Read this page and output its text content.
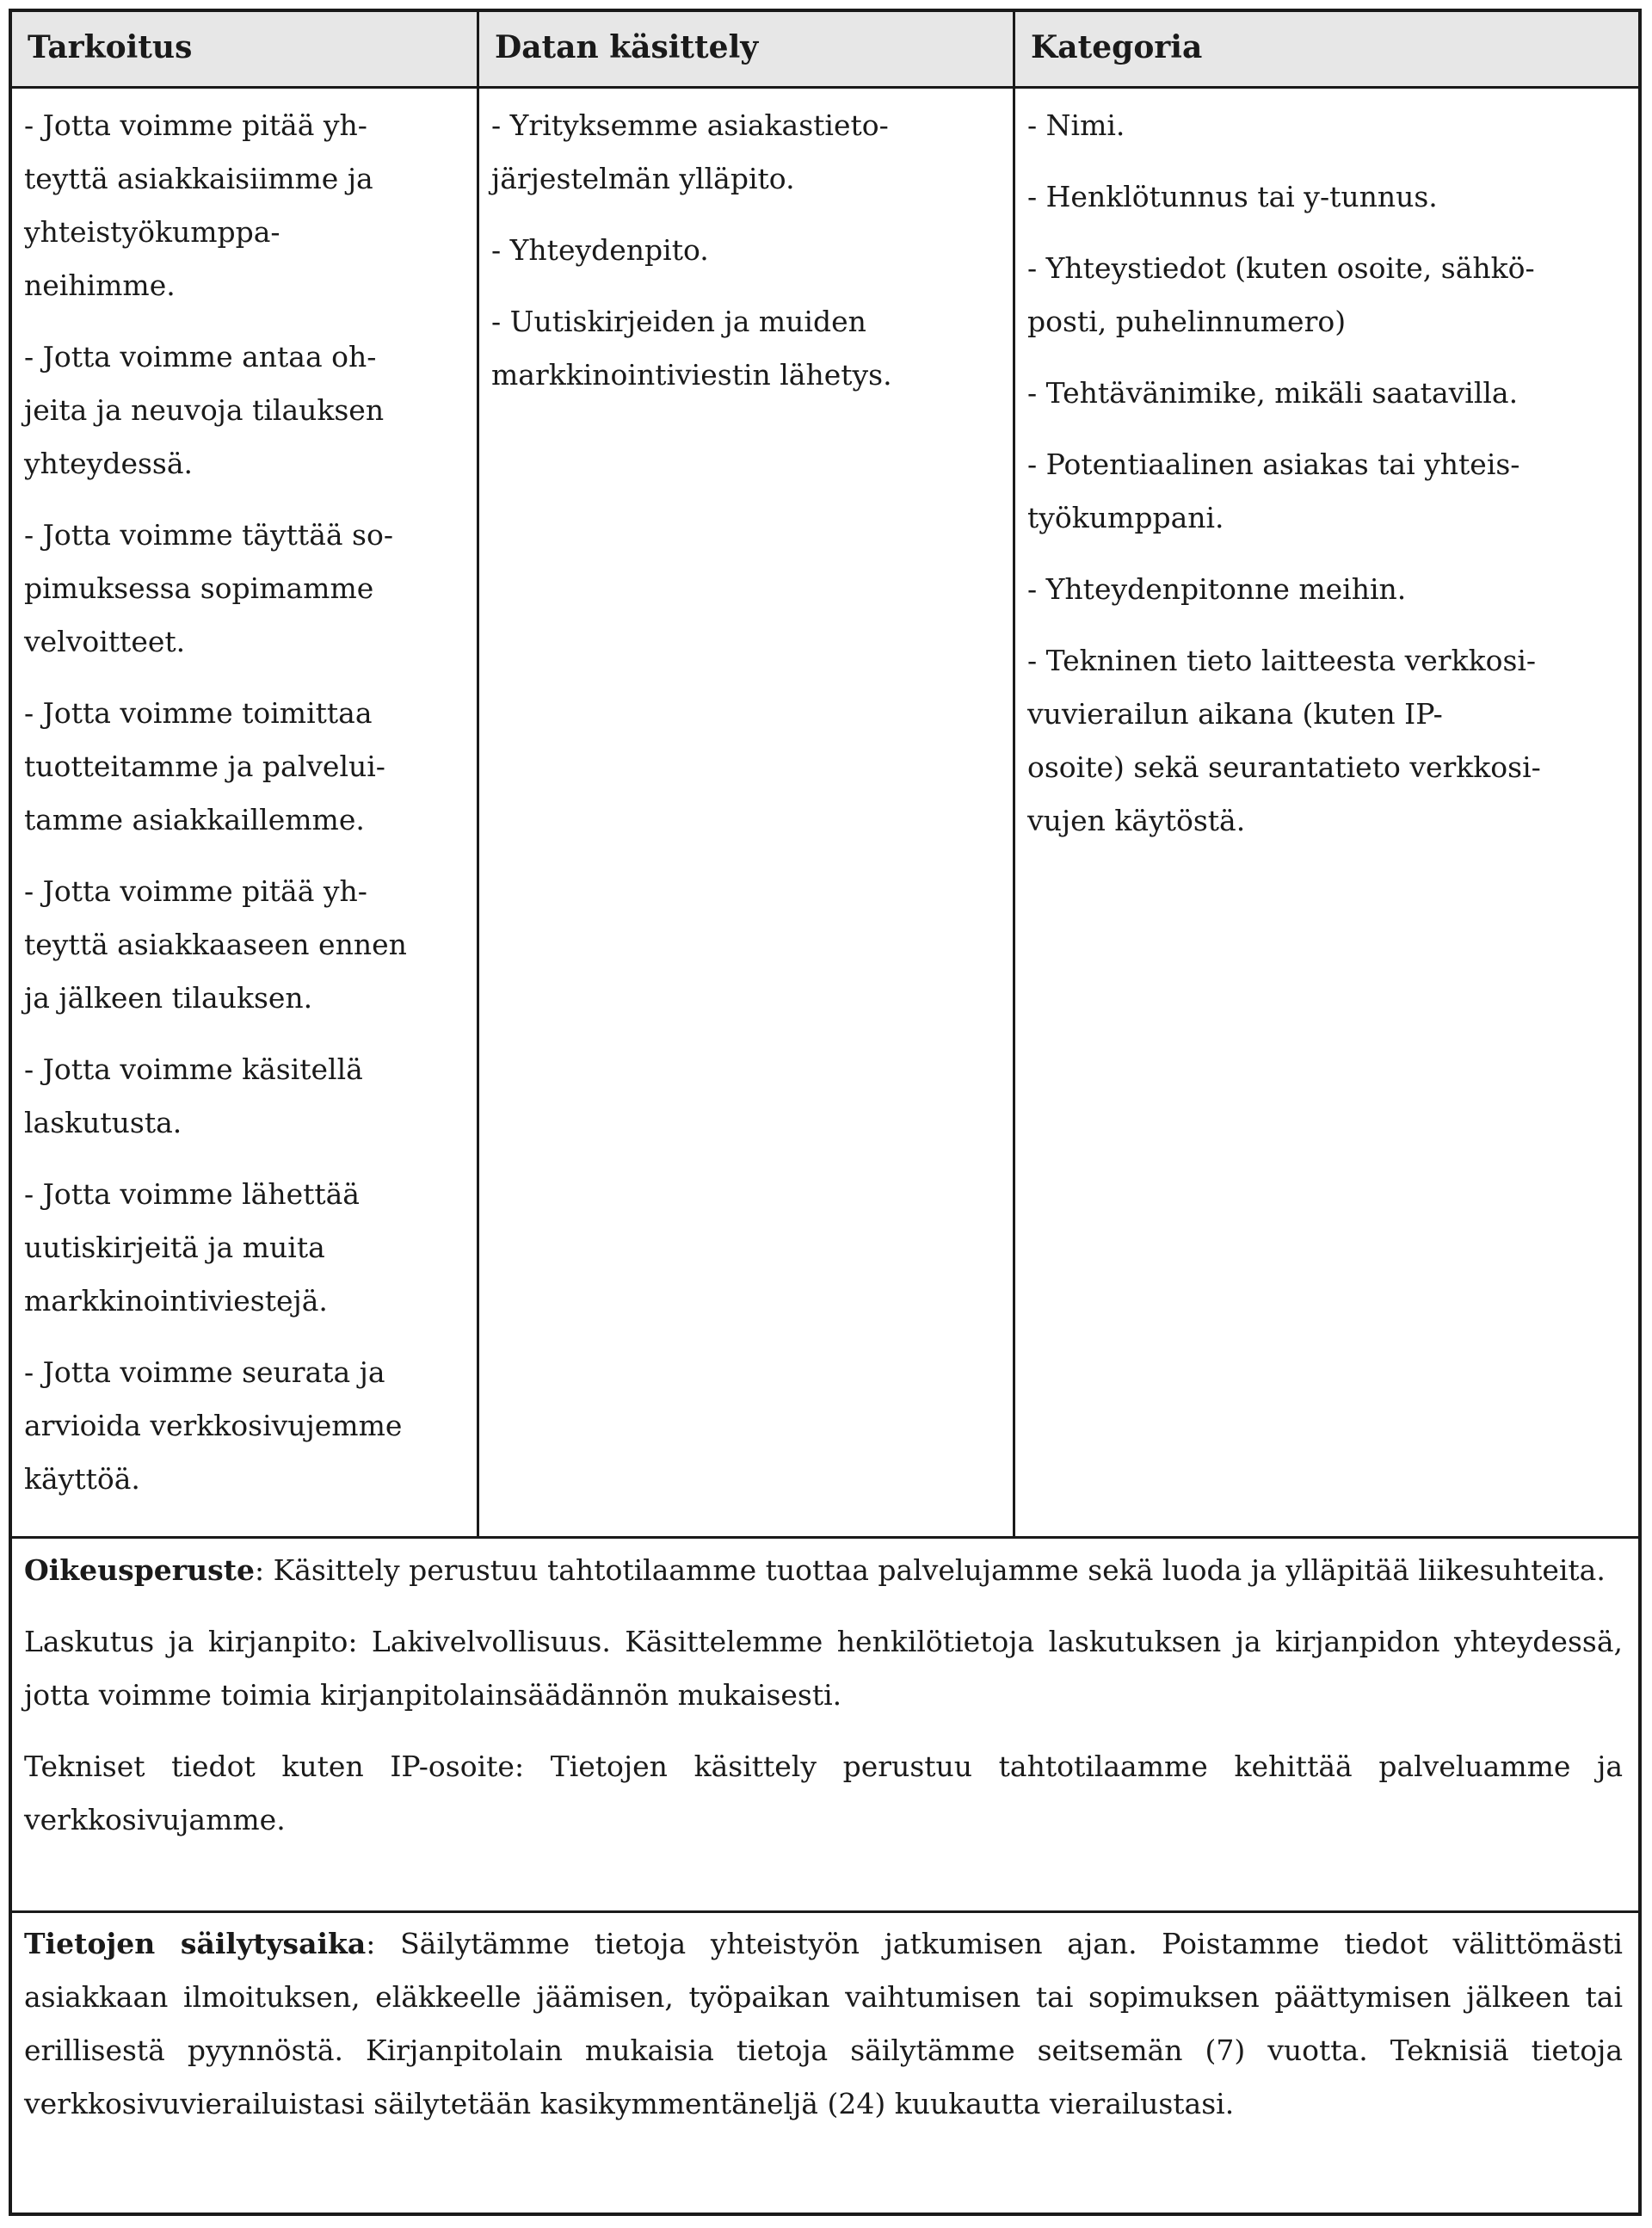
Tarkoitus	Datan käsittely	Kategoria
- Jotta voimme pitää yh-
teyttä asiakkaisiimme ja
yhteistyökumppa-
neihimme.
- Jotta voimme antaa oh-
jeita ja neuvoja tilauksen
yhteydessä.
- Jotta voimme täyttää so-
pimuksessa sopimamme
velvoitteet.
- Jotta voimme toimittaa
tuotteitamme ja palvelui-
tamme asiakkaillemme.
- Jotta voimme pitää yh-
teyttä asiakkaaseen ennen
ja jälkeen tilauksen.
- Jotta voimme käsitellä
laskutusta.
- Jotta voimme lähettää
uutiskirjeitä ja muita
markkinointiviestejä.
- Jotta voimme seurata ja
arvioida verkkosivujemme
käyttöä.
- Yrityksemme asiakastieto-
järjestelmän ylläpito.
- Yhteydenpito.
- Uutiskirjeiden ja muiden
markkinointiviestin lähetys.
- Nimi.
- Henklötunnus tai y-tunnus.
- Yhteystiedot (kuten osoite, sähkö-
posti, puhelinnumero)
- Tehtävänimike, mikäli saatavilla.
- Potentiaalinen asiakas tai yhteis-
työkumppani.
- Yhteydenpitonne meihin.
- Tekninen tieto laitteesta verkkosi-
vuvierailun aikana (kuten IP-
osoite) sekä seurantatieto verkkosi-
vujen käytöstä.

Oikeusperuste: Käsittely perustuu tahtotilaamme tuottaa palvelujamme sekä luoda ja ylläpitää liikesuhteita.

Laskutus ja kirjanpito: Lakivelvollisuus. Käsittelemme henkilötietoja laskutuksen ja kirjanpidon yhteydessä, jotta voimme toimia kirjanpitolainsäädännön mukaisesti.

Tekniset tiedot kuten IP-osoite: Tietojen käsittely perustuu tahtotilaamme kehittää palveluamme ja verkkosivujamme.

Tietojen säilytysaika: Säilytämme tietoja yhteistyön jatkumisen ajan. Poistamme tiedot välittömästi asiakkaan ilmoituksen, eläkkeelle jäämisen, työpaikan vaihtumisen tai sopimuksen päättymisen jälkeen tai erillisestä pyynnöstä. Kirjanpitolain mukaisia tietoja säilytämme seitsemän (7) vuotta. Teknisiä tietoja verkkosivuvierailuistasi säilytetään kasikymmentäneljä (24) kuukautta vierailustasi.
